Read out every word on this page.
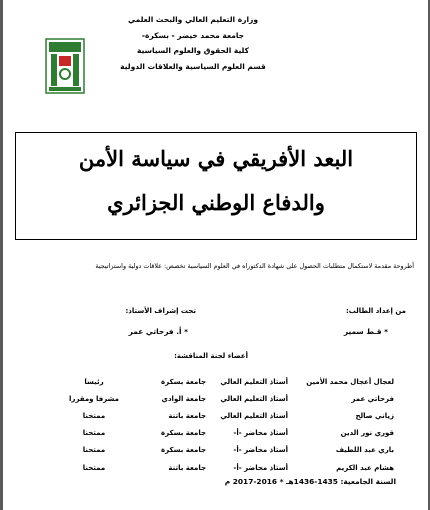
وزارة التعليم العالي والبحث العلمي
جامعة محمد خيضر - بسكرة-
كلية الحقوق والعلوم السياسية
قسم العلوم السياسية والعلاقات الدولية
البعد الأفريقي في سياسة الأمن
والدفاع الوطني الجزائري
أطروحة مقدمة لاستكمال متطلبات الحصول على شهادة الدكتوراه في العلوم السياسية تخصص: علاقات دولية واستراتيجية
من إعداد الطالب:
تحت إشراف الأستاذ:
* قـط سمير
* أ. فرحاتي عمر
أعضاء لجنة المناقشة:
لعجال أعجال محمد الأمين	أستاذ التعليم العالي	جامعة بسكرة	رئيسا
فرحاتي عمر	أستاذ التعليم العالي	جامعة الوادي	مشرفا ومقررا
زياني صالح	أستاذ التعليم العالي	جامعة باتنة	ممتحنا
قوري نور الدين	أستاذ محاضر -أ-	جامعة بسكرة	ممتحنا
باري عبد اللطيف	أستاذ محاضر -أ-	جامعة بسكرة	ممتحنا
هشام عبد الكريم	أستاذ محاضر -أ-	جامعة باتنة	ممتحنا
السنة الجامعية: 1435-1436هـ * 2016-2017 م
